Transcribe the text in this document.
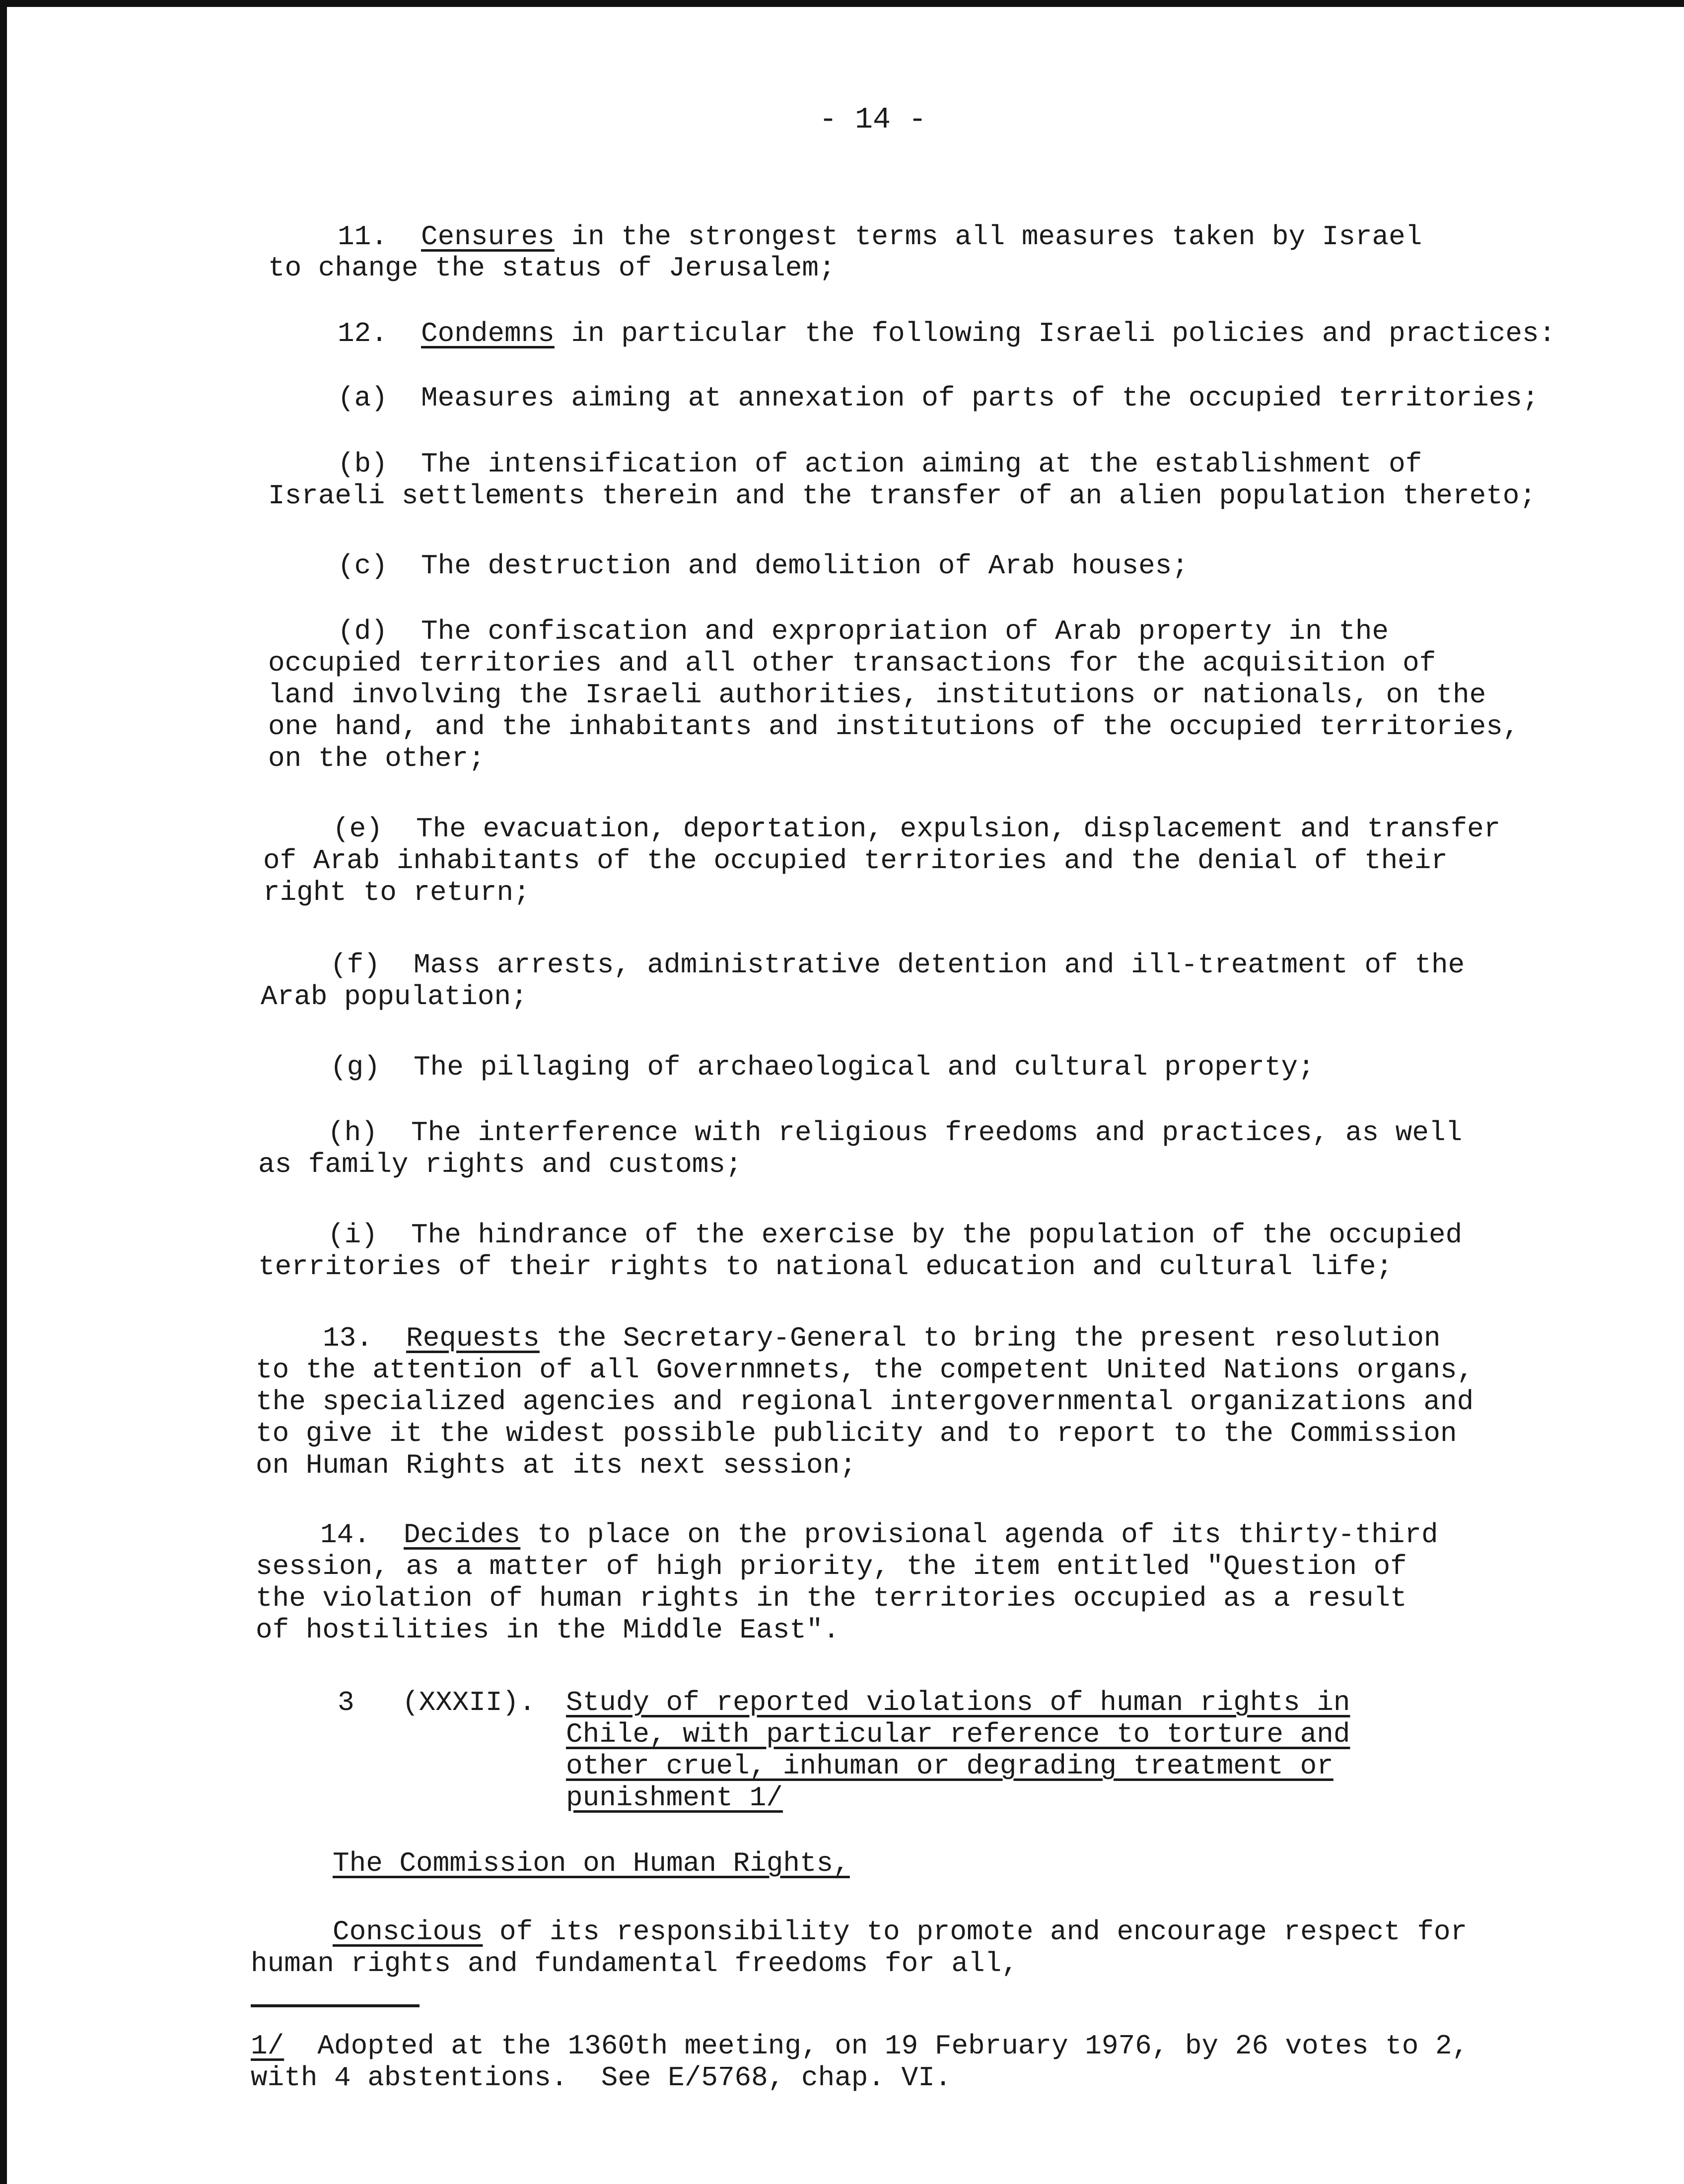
- 14 -
11.  Censures in the strongest terms all measures taken by Israel
to change the status of Jerusalem;
12.  Condemns in particular the following Israeli policies and practices:
(a)  Measures aiming at annexation of parts of the occupied territories;
(b)  The intensification of action aiming at the establishment of
Israeli settlements therein and the transfer of an alien population thereto;
(c)  The destruction and demolition of Arab houses;
(d)  The confiscation and expropriation of Arab property in the
occupied territories and all other transactions for the acquisition of
land involving the Israeli authorities, institutions or nationals, on the
one hand, and the inhabitants and institutions of the occupied territories,
on the other;
(e)  The evacuation, deportation, expulsion, displacement and transfer
of Arab inhabitants of the occupied territories and the denial of their
right to return;
(f)  Mass arrests, administrative detention and ill-treatment of the
Arab population;
(g)  The pillaging of archaeological and cultural property;
(h)  The interference with religious freedoms and practices, as well
as family rights and customs;
(i)  The hindrance of the exercise by the population of the occupied
territories of their rights to national education and cultural life;
13.  Requests the Secretary-General to bring the present resolution
to the attention of all Governmnets, the competent United Nations organs,
the specialized agencies and regional intergovernmental organizations and
to give it the widest possible publicity and to report to the Commission
on Human Rights at its next session;
14.  Decides to place on the provisional agenda of its thirty-third
session, as a matter of high priority, the item entitled "Question of
the violation of human rights in the territories occupied as a result
of hostilities in the Middle East".
3 (XXXII). Study of reported violations of human rights in
Chile, with particular reference to torture and
other cruel, inhuman or degrading treatment or
punishment 1/
The Commission on Human Rights,
Conscious of its responsibility to promote and encourage respect for
human rights and fundamental freedoms for all,
1/  Adopted at the 1360th meeting, on 19 February 1976, by 26 votes to 2,
with 4 abstentions.  See E/5768, chap. VI.
